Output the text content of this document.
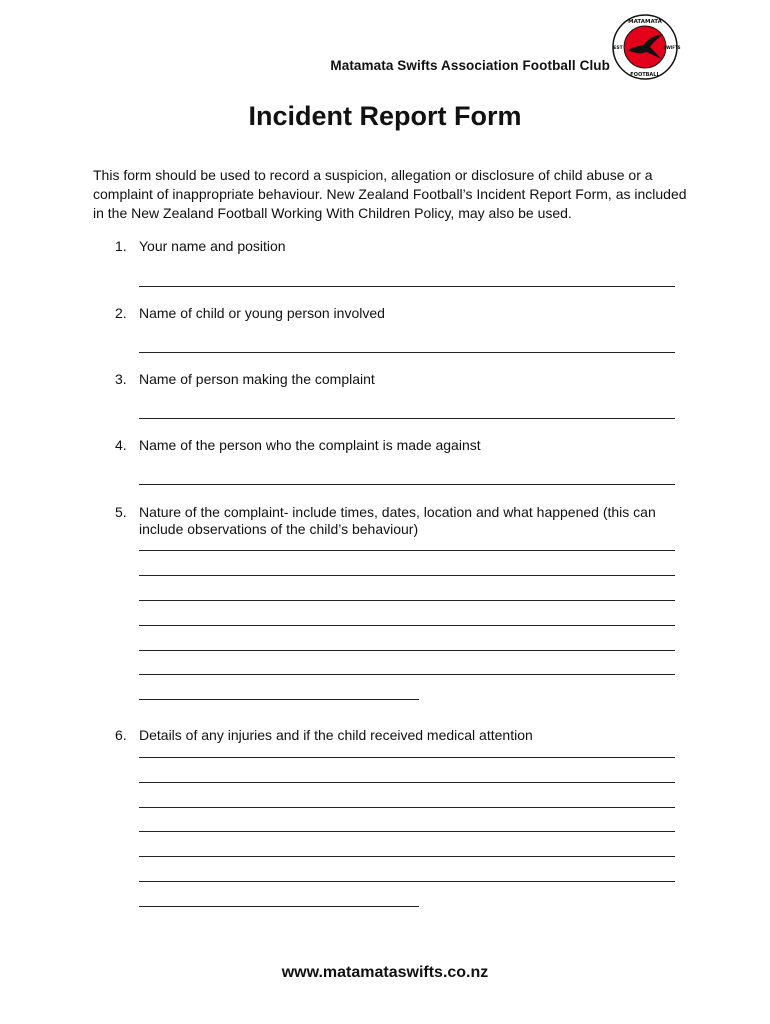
Matamata Swifts Association Football Club
MATAMATA
EST	SWIFTS
FOOTBALL
Incident Report Form

This form should be used to record a suspicion, allegation or disclosure of child abuse or a complaint of inappropriate behaviour. New Zealand Football’s Incident Report Form, as included in the New Zealand Football Working With Children Policy, may also be used.

1. Your name and position
2. Name of child or young person involved
3. Name of person making the complaint
4. Name of the person who the complaint is made against
5. Nature of the complaint- include times, dates, location and what happened (this can include observations of the child’s behaviour)
6. Details of any injuries and if the child received medical attention
www.matamataswifts.co.nz
